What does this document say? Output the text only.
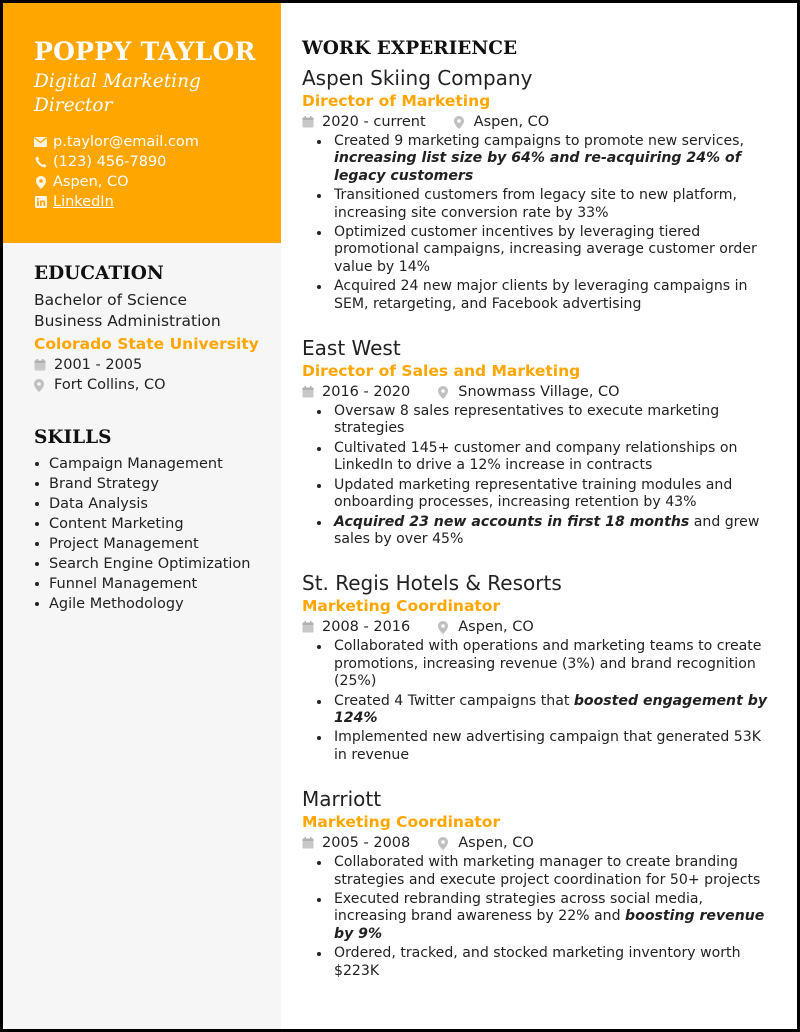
POPPY TAYLOR
Digital Marketing Director
p.taylor@email.com
(123) 456-7890
Aspen, CO
LinkedIn
EDUCATION
Bachelor of Science
Business Administration
Colorado State University
2001 - 2005
Fort Collins, CO
SKILLS
Campaign Management
Brand Strategy
Data Analysis
Content Marketing
Project Management
Search Engine Optimization
Funnel Management
Agile Methodology
WORK EXPERIENCE
Aspen Skiing Company
Director of Marketing
2020 - current	Aspen, CO
Created 9 marketing campaigns to promote new services, increasing list size by 64% and re-acquiring 24% of legacy customers
Transitioned customers from legacy site to new platform, increasing site conversion rate by 33%
Optimized customer incentives by leveraging tiered promotional campaigns, increasing average customer order value by 14%
Acquired 24 new major clients by leveraging campaigns in SEM, retargeting, and Facebook advertising
East West
Director of Sales and Marketing
2016 - 2020	Snowmass Village, CO
Oversaw 8 sales representatives to execute marketing strategies
Cultivated 145+ customer and company relationships on LinkedIn to drive a 12% increase in contracts
Updated marketing representative training modules and onboarding processes, increasing retention by 43%
Acquired 23 new accounts in first 18 months and grew sales by over 45%
St. Regis Hotels & Resorts
Marketing Coordinator
2008 - 2016	Aspen, CO
Collaborated with operations and marketing teams to create promotions, increasing revenue (3%) and brand recognition (25%)
Created 4 Twitter campaigns that boosted engagement by 124%
Implemented new advertising campaign that generated 53K in revenue
Marriott
Marketing Coordinator
2005 - 2008	Aspen, CO
Collaborated with marketing manager to create branding strategies and execute project coordination for 50+ projects
Executed rebranding strategies across social media, increasing brand awareness by 22% and boosting revenue by 9%
Ordered, tracked, and stocked marketing inventory worth $223K
